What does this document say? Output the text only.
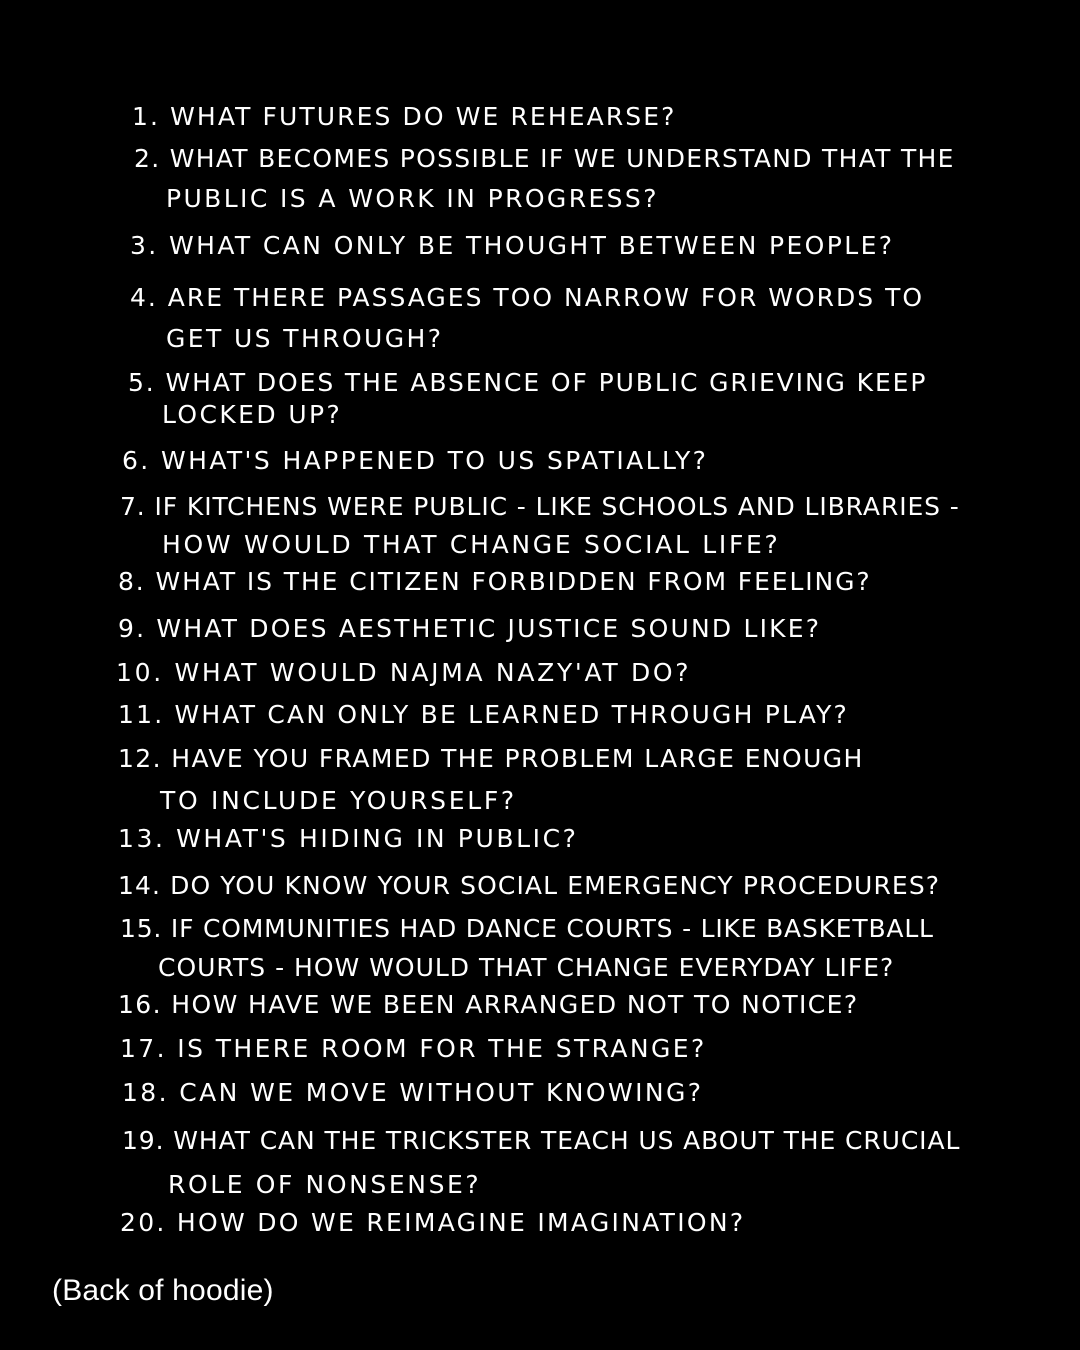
1. WHAT FUTURES DO WE REHEARSE?
2. WHAT BECOMES POSSIBLE IF WE UNDERSTAND THAT THE
PUBLIC IS A WORK IN PROGRESS?
3. WHAT CAN ONLY BE THOUGHT BETWEEN PEOPLE?
4. ARE THERE PASSAGES TOO NARROW FOR WORDS TO
GET US THROUGH?
5. WHAT DOES THE ABSENCE OF PUBLIC GRIEVING KEEP
LOCKED UP?
6. WHAT'S HAPPENED TO US SPATIALLY?
7. IF KITCHENS WERE PUBLIC - LIKE SCHOOLS AND LIBRARIES -
HOW WOULD THAT CHANGE SOCIAL LIFE?
8. WHAT IS THE CITIZEN FORBIDDEN FROM FEELING?
9. WHAT DOES AESTHETIC JUSTICE SOUND LIKE?
10. WHAT WOULD NAJMA NAZY'AT DO?
11. WHAT CAN ONLY BE LEARNED THROUGH PLAY?
12. HAVE YOU FRAMED THE PROBLEM LARGE ENOUGH
TO INCLUDE YOURSELF?
13. WHAT'S HIDING IN PUBLIC?
14. DO YOU KNOW YOUR SOCIAL EMERGENCY PROCEDURES?
15. IF COMMUNITIES HAD DANCE COURTS - LIKE BASKETBALL
COURTS - HOW WOULD THAT CHANGE EVERYDAY LIFE?
16. HOW HAVE WE BEEN ARRANGED NOT TO NOTICE?
17. IS THERE ROOM FOR THE STRANGE?
18. CAN WE MOVE WITHOUT KNOWING?
19. WHAT CAN THE TRICKSTER TEACH US ABOUT THE CRUCIAL
ROLE OF NONSENSE?
20. HOW DO WE REIMAGINE IMAGINATION?
(Back of hoodie)
